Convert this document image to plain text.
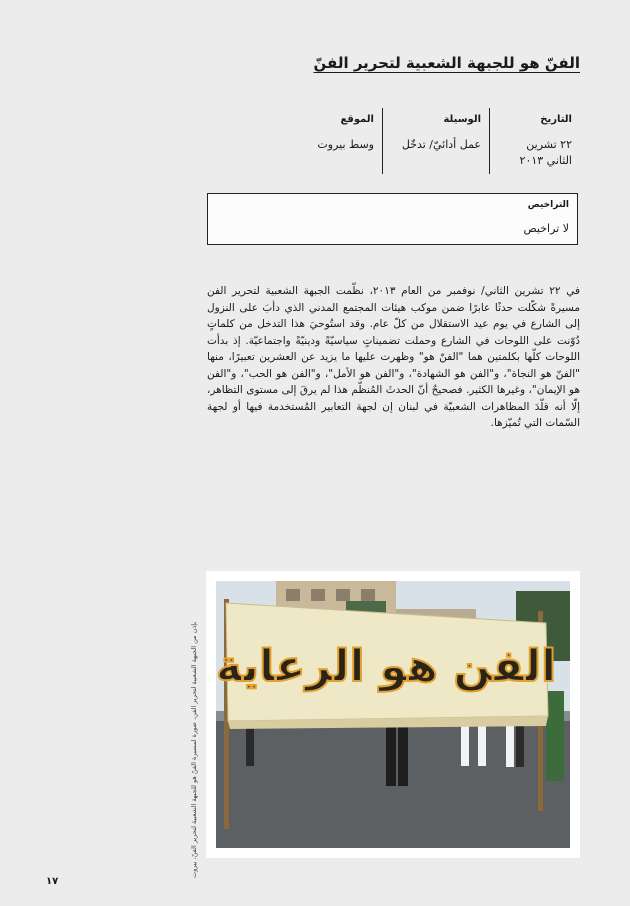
الفنّ هو للجبهة الشعبية لتحرير الفنّ
التاريخ
٢٢ تشرين الثاني ٢٠١٣
الوسيلة
عمل أدائيّ/ تدخّل
الموقع
وسط بيروت
التراخيص
لا تراخيص
في ٢٢ تشرين الثاني/ نوفمبر من العام ٢٠١٣، نظّمت الجبهة الشعبية لتحرير الفن مسيرةً شكّلت حدثًا عابرًا ضمن موكب هيئات المجتمع المدني الذي دأبَ على النزول إلى الشارع في يوم عيد الاستقلال من كلّ عام. وقد استُوحيَ هذا التدخل من كلماتٍ دُوّنت على اللوحات في الشارع وحملت تضميناتٍ سياسيّةً ودينيّةً واجتماعيّة. إذ بدأت اللوحات كلّها بكلمتين هما "الفنّ هو" وظهرت عليها ما يزيد عن العشرين تعبيرًا، منها "الفنّ هو النجاة"، و"الفن هو الشهادة"، و"الفن هو الأمل"، و"الفن هو الحب"، و"الفن هو الإيمان"، وغيرها الكثير. فصحيحٌ أنّ الحدثَ المُنظّم هذا لم يرقَ إلى مستوى التظاهر، إلّا أنه قلّدَ المظاهرات الشعبيّة في لبنان إن لجهة التعابير المُستخدمة فيها أو لجهة السّمات التي تُميّزها.
الفن هو الرعاية
بإذن من الجبهة الشعبية لتحرير الفن، صورة لمسيرة الفنّ هو للجبهة الشعبية لتحرير الفنّ، بيروت
١٧
